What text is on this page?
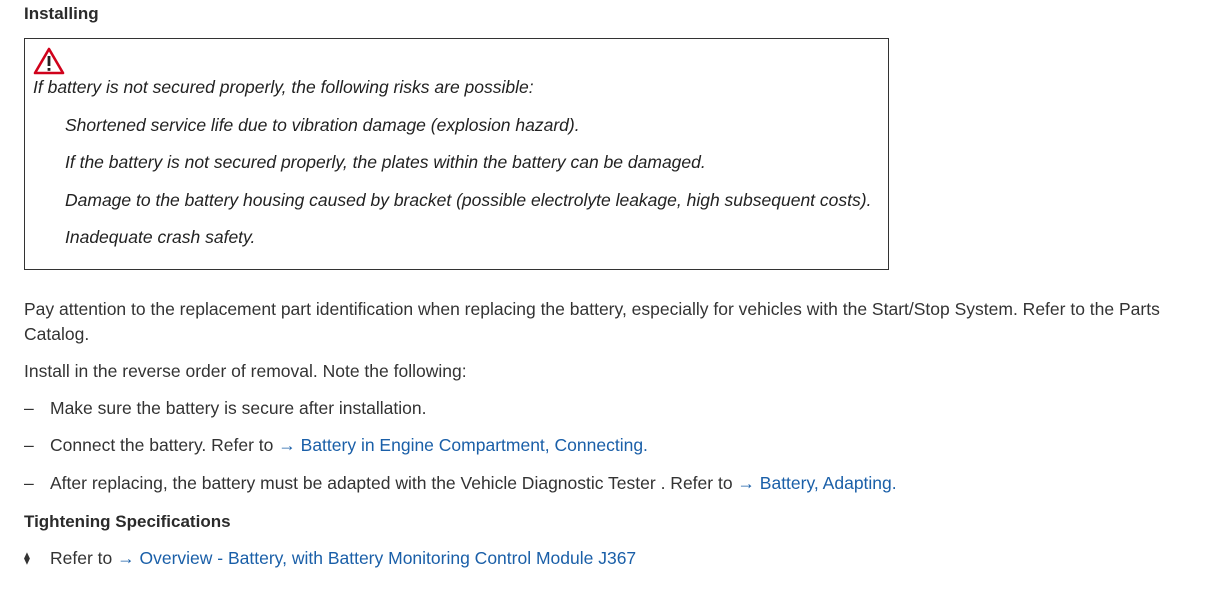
Installing
If battery is not secured properly, the following risks are possible:
Shortened service life due to vibration damage (explosion hazard).
If the battery is not secured properly, the plates within the battery can be damaged.
Damage to the battery housing caused by bracket (possible electrolyte leakage, high subsequent costs).
Inadequate crash safety.

Pay attention to the replacement part identification when replacing the battery, especially for vehicles with the Start/Stop System. Refer to the Parts Catalog.

Install in the reverse order of removal. Note the following:

– Make sure the battery is secure after installation.
– Connect the battery. Refer to → Battery in Engine Compartment, Connecting.
– After replacing, the battery must be adapted with the Vehicle Diagnostic Tester . Refer to → Battery, Adapting.
Tightening Specifications
⧫ Refer to → Overview - Battery, with Battery Monitoring Control Module J367
